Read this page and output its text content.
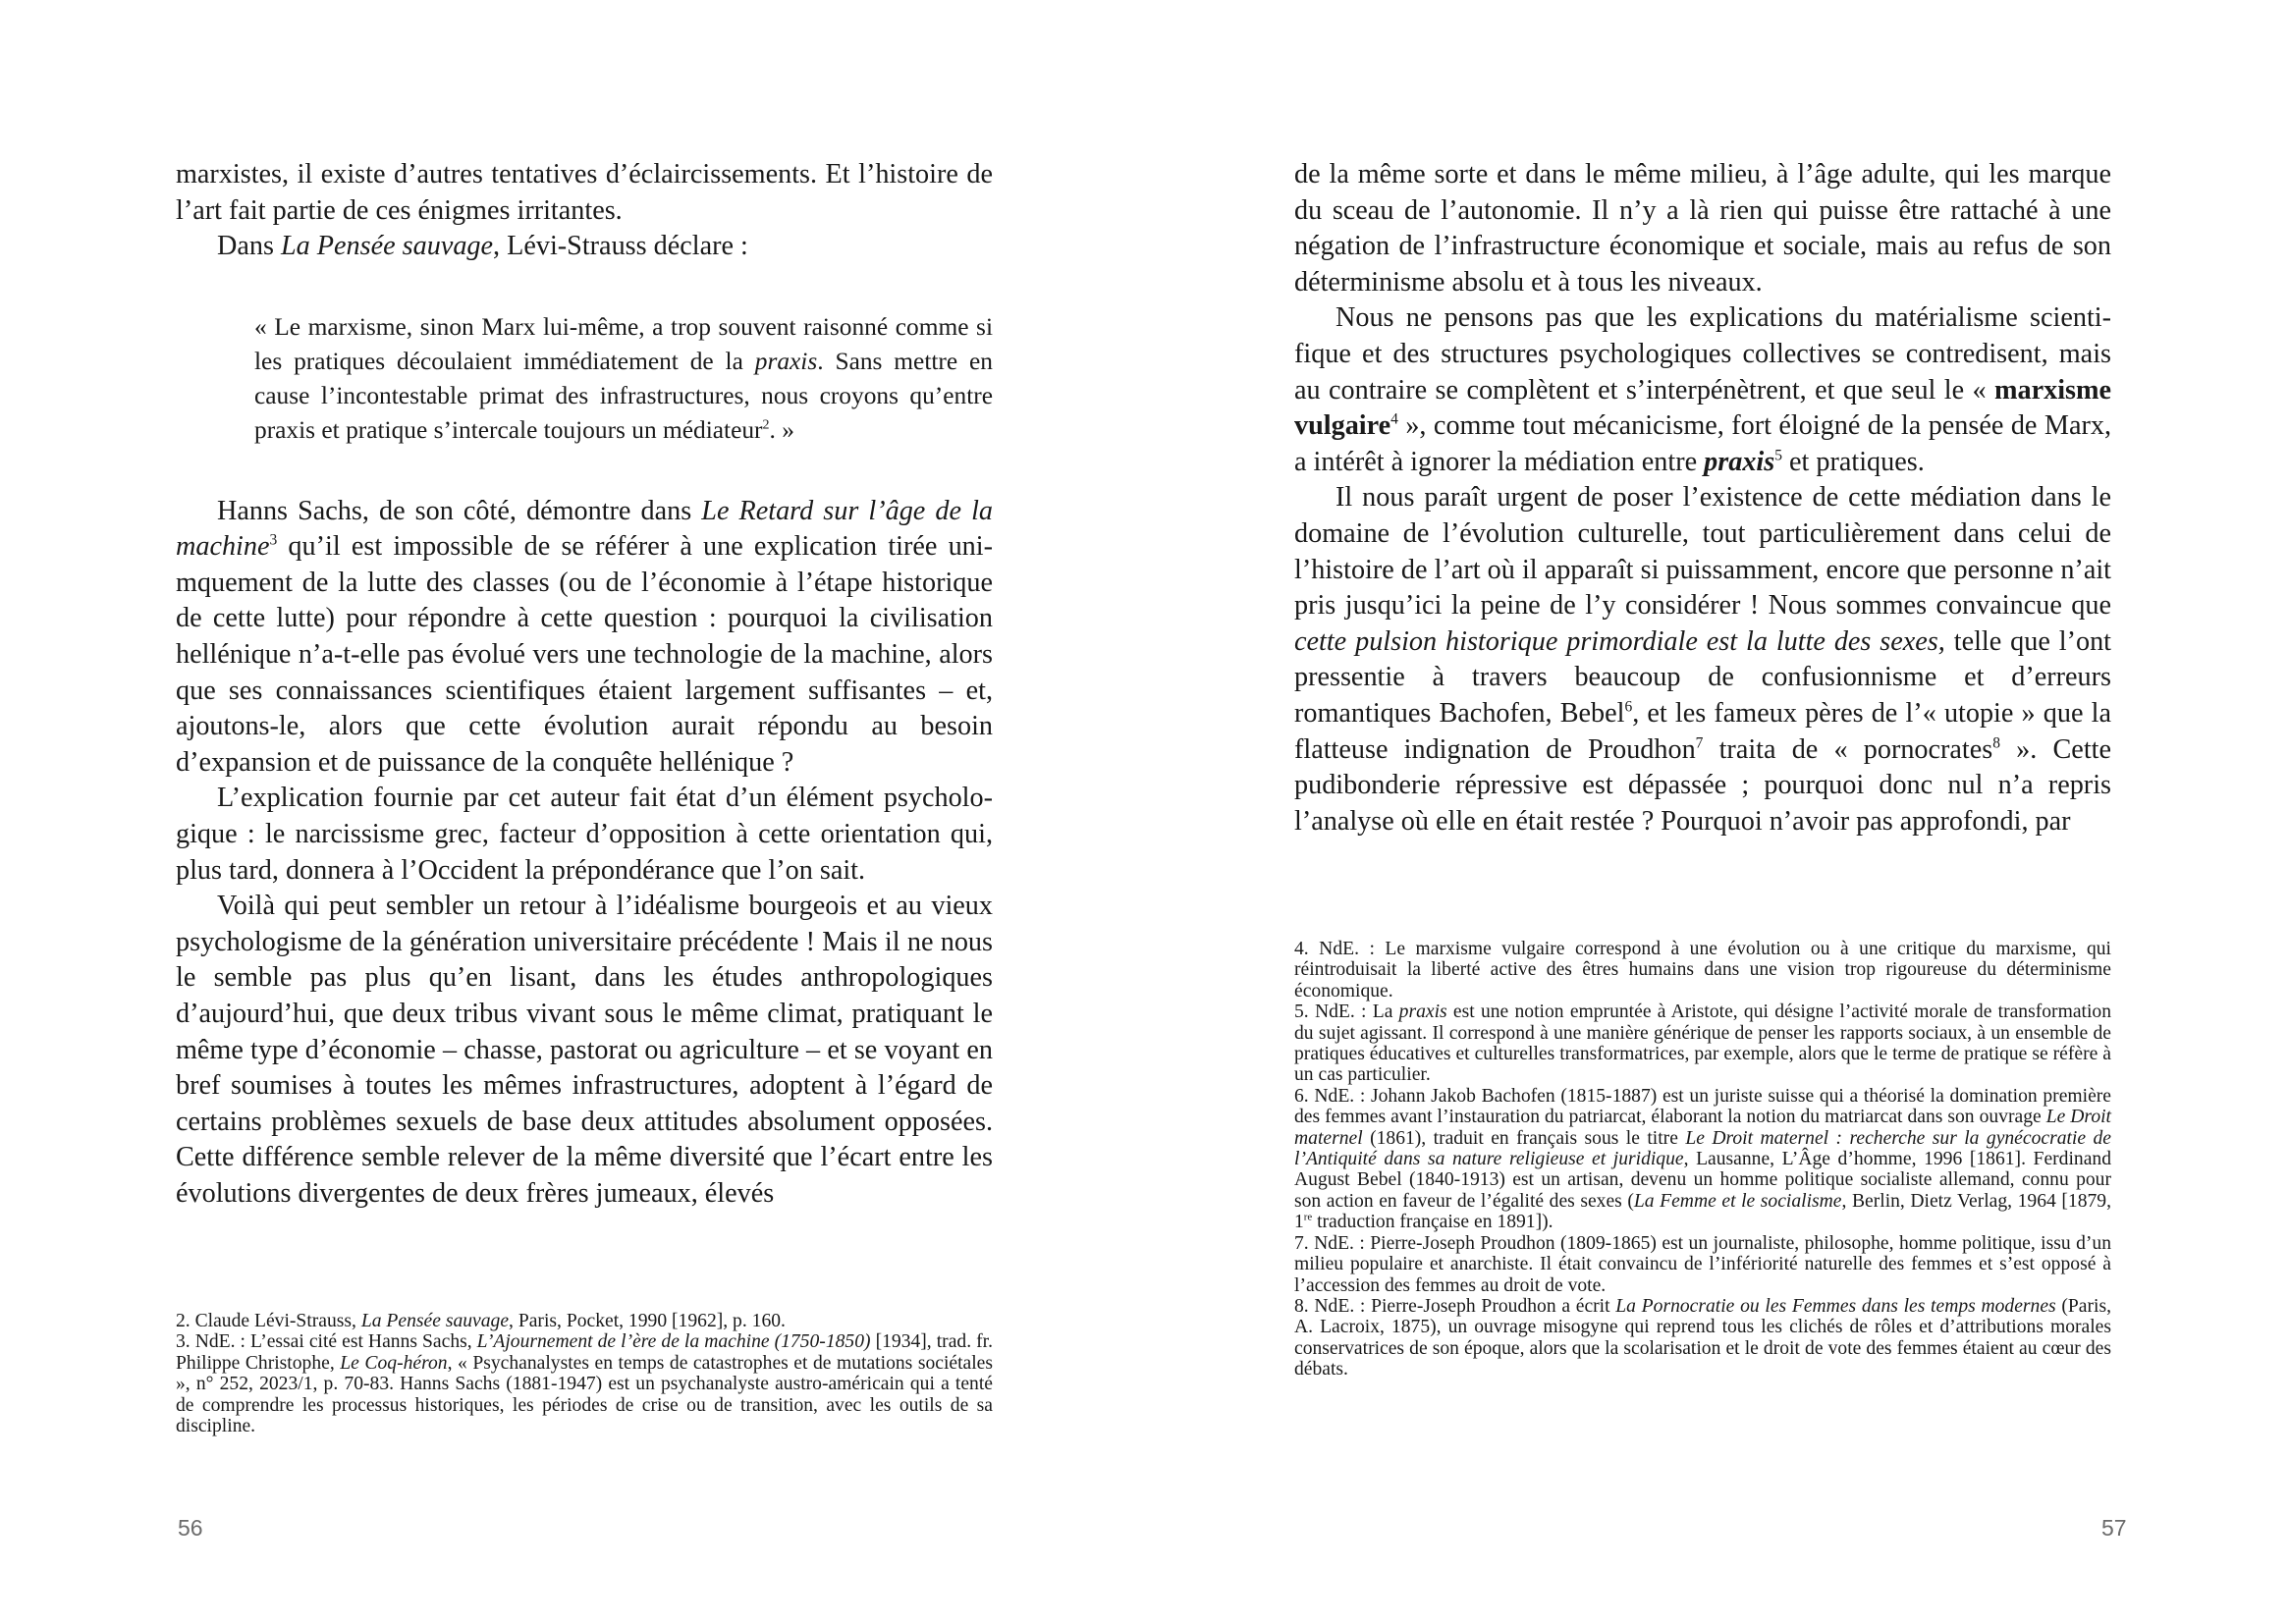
marxistes, il existe d’autres tentatives d’éclaircissements. Et l’histoire de l’art fait partie de ces énigmes irritantes.

Dans La Pensée sauvage, Lévi-Strauss déclare :

« Le marxisme, sinon Marx lui-même, a trop souvent raisonné comme si les pratiques découlaient immédiatement de la praxis. Sans mettre en cause l’incontestable primat des infrastructures, nous croyons qu’entre praxis et pratique s’intercale toujours un médiateur$^2$. »

Hanns Sachs, de son côté, démontre dans Le Retard sur l’âge de la machine$^3$ qu’il est impossible de se référer à une explication tirée unimquement de la lutte des classes (ou de l’économie à l’étape historique de cette lutte) pour répondre à cette question : pourquoi la civilisation hellénique n’a-t-elle pas évolué vers une technologie de la machine, alors que ses connaissances scientifiques étaient largement suffisantes – et, ajoutons-le, alors que cette évolution aurait répondu au besoin d’expansion et de puissance de la conquête hellénique ?

L’explication fournie par cet auteur fait état d’un élément psychologique : le narcissisme grec, facteur d’opposition à cette orientation qui, plus tard, donnera à l’Occident la prépondérance que l’on sait.

Voilà qui peut sembler un retour à l’idéalisme bourgeois et au vieux psychologisme de la génération universitaire précédente ! Mais il ne nous le semble pas plus qu’en lisant, dans les études anthropologiques d’aujourd’hui, que deux tribus vivant sous le même climat, pratiquant le même type d’économie – chasse, pastorat ou agriculture – et se voyant en bref soumises à toutes les mêmes infrastructures, adoptent à l’égard de certains problèmes sexuels de base deux attitudes absolument opposées. Cette différence semble relever de la même diversité que l’écart entre les évolutions divergentes de deux frères jumeaux, élevés

2. Claude Lévi-Strauss, La Pensée sauvage, Paris, Pocket, 1990 [1962], p. 160.

3. NdE. : L’essai cité est Hanns Sachs, L’Ajournement de l’ère de la machine (1750-1850) [1934], trad. fr. Philippe Christophe, Le Coq-héron, « Psychanalystes en temps de catastrophes et de mutations sociétales », n° 252, 2023/1, p. 70-83. Hanns Sachs (1881-1947) est un psychanalyste austro-américain qui a tenté de comprendre les processus historiques, les périodes de crise ou de transition, avec les outils de sa discipline.

56

de la même sorte et dans le même milieu, à l’âge adulte, qui les marque du sceau de l’autonomie. Il n’y a là rien qui puisse être rattaché à une négation de l’infrastructure économique et sociale, mais au refus de son déterminisme absolu et à tous les niveaux.

Nous ne pensons pas que les explications du matérialisme scientifique et des structures psychologiques collectives se contredisent, mais au contraire se complètent et s’interpénètrent, et que seul le « marxisme vulgaire$^4$ », comme tout mécanicisme, fort éloigné de la pensée de Marx, a intérêt à ignorer la médiation entre praxis$^5$ et pratiques.

Il nous paraît urgent de poser l’existence de cette médiation dans le domaine de l’évolution culturelle, tout particulièrement dans celui de l’histoire de l’art où il apparaît si puissamment, encore que personne n’ait pris jusqu’ici la peine de l’y considérer ! Nous sommes convaincue que cette pulsion historique primordiale est la lutte des sexes, telle que l’ont pressentie à travers beaucoup de confusionnisme et d’erreurs romantiques Bachofen, Bebel$^6$, et les fameux pères de l’« utopie » que la flatteuse indignation de Proudhon$^7$ traita de « pornocrates$^8$ ». Cette pudibonderie répressive est dépassée ; pourquoi donc nul n’a repris l’analyse où elle en était restée ? Pourquoi n’avoir pas approfondi, par

4. NdE. : Le marxisme vulgaire correspond à une évolution ou à une critique du marxisme, qui réintroduisait la liberté active des êtres humains dans une vision trop rigoureuse du déterminisme économique.

5. NdE. : La praxis est une notion empruntée à Aristote, qui désigne l’activité morale de transformation du sujet agissant. Il correspond à une manière générique de penser les rapports sociaux, à un ensemble de pratiques éducatives et culturelles transformatrices, par exemple, alors que le terme de pratique se réfère à un cas particulier.

6. NdE. : Johann Jakob Bachofen (1815-1887) est un juriste suisse qui a théorisé la domination première des femmes avant l’instauration du patriarcat, élaborant la notion du matriarcat dans son ouvrage Le Droit maternel (1861), traduit en français sous le titre Le Droit maternel : recherche sur la gynécocratie de l’Antiquité dans sa nature religieuse et juridique, Lausanne, L’Âge d’homme, 1996 [1861]. Ferdinand August Bebel (1840-1913) est un artisan, devenu un homme politique socialiste allemand, connu pour son action en faveur de l’égalité des sexes (La Femme et le socialisme, Berlin, Dietz Verlag, 1964 [1879, 1re traduction française en 1891]).

7. NdE. : Pierre-Joseph Proudhon (1809-1865) est un journaliste, philosophe, homme politique, issu d’un milieu populaire et anarchiste. Il était convaincu de l’infériorité naturelle des femmes et s’est opposé à l’accession des femmes au droit de vote.

8. NdE. : Pierre-Joseph Proudhon a écrit La Pornocratie ou les Femmes dans les temps modernes (Paris, A. Lacroix, 1875), un ouvrage misogyne qui reprend tous les clichés de rôles et d’attributions morales conservatrices de son époque, alors que la scolarisation et le droit de vote des femmes étaient au cœur des débats.

57
